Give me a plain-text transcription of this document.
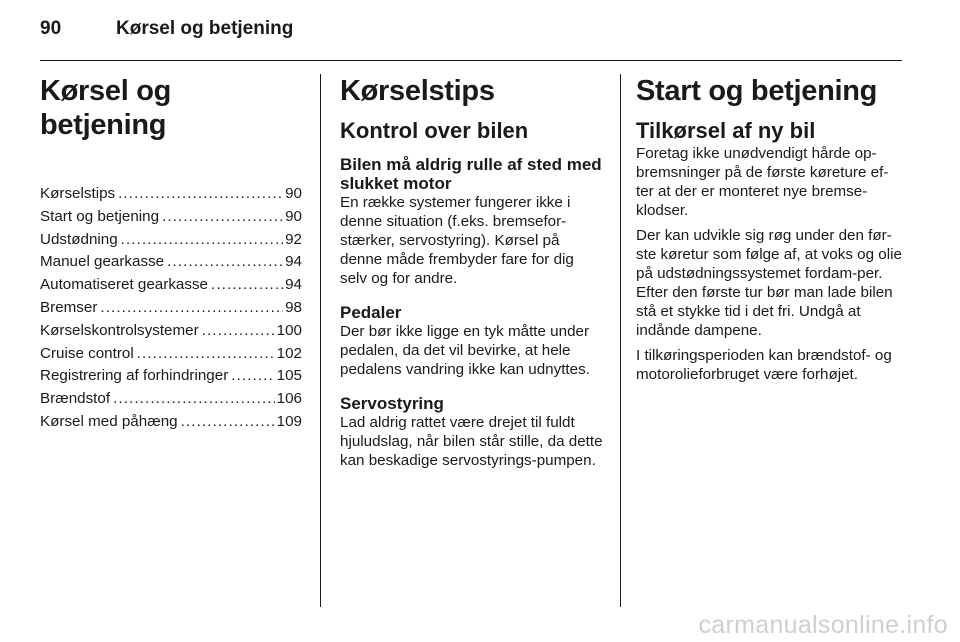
90	Kørsel og betjening
Kørsel og betjening
Kørselstips .....	90
Start og betjening .....	90
Udstødning .....	92
Manuel gearkasse .....	94
Automatiseret gearkasse .....	94
Bremser .....	98
Kørselskontrolsystemer .....	100
Cruise control .....	102
Registrering af forhindringer .....	105
Brændstof .....	106
Kørsel med påhæng .....	109
Kørselstips
Kontrol over bilen
Bilen må aldrig rulle af sted med slukket motor

En række systemer fungerer ikke i denne situation (f.eks. bremsefor-stærker, servostyring). Kørsel på denne måde frembyder fare for dig selv og for andre.

Pedaler

Der bør ikke ligge en tyk måtte under pedalen, da det vil bevirke, at hele pedalens vandring ikke kan udnyttes.

Servostyring

Lad aldrig rattet være drejet til fuldt hjuludslag, når bilen står stille, da dette kan beskadige servostyrings-pumpen.

Start og betjening
Tilkørsel af ny bil

Foretag ikke unødvendigt hårde op-bremsninger på de første køreture ef-ter at der er monteret nye bremse-klodser.

Der kan udvikle sig røg under den før-ste køretur som følge af, at voks og olie på udstødningssystemet fordam-per. Efter den første tur bør man lade bilen stå et stykke tid i det fri. Undgå at indånde dampene.

I tilkøringsperioden kan brændstof- og motorolieforbruget være forhøjet.

carmanualsonline.info
